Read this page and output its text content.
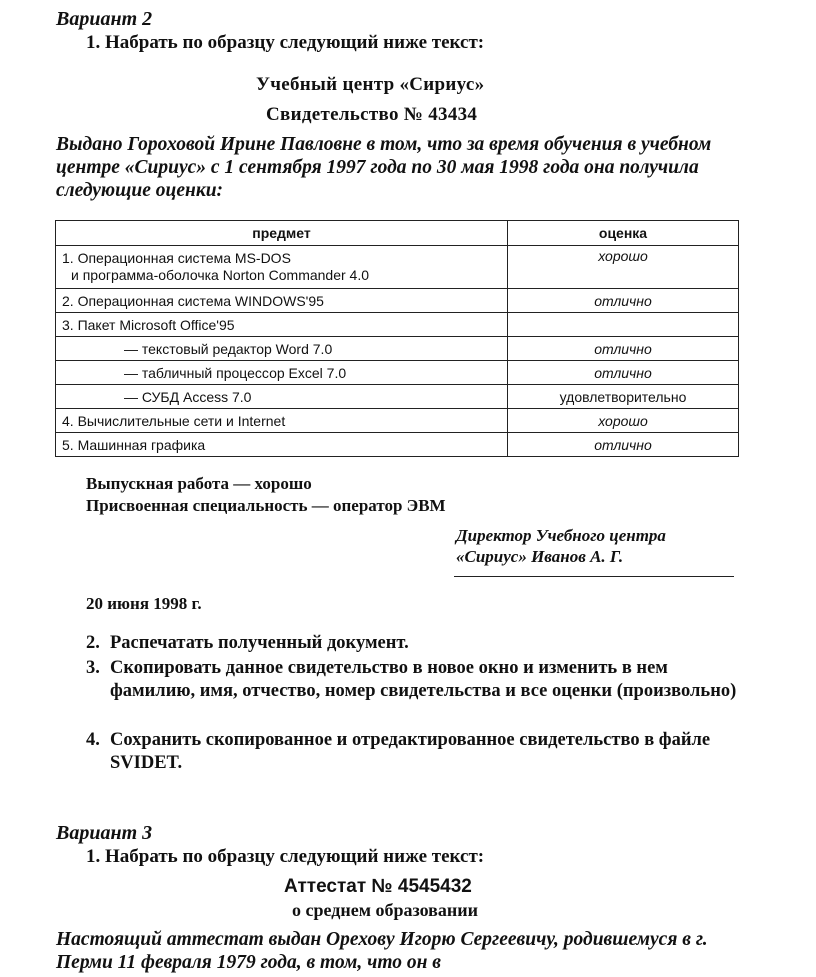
Вариант 2
1. Набрать по образцу следующий ниже текст:
Учебный центр «Сириус»
Свидетельство № 43434
Выдано Гороховой Ирине Павловне в том, что за время обучения в учебном центре «Сириус» с 1 сентября 1997 года по 30 мая 1998 года она получила следующие оценки:
предмет	оценка

1. Операционная система MS-DOS
и программа-оболочка Norton Commander 4.0	хорошо
2. Операционная система WINDOWS'95	отлично
3. Пакет Microsoft Office'95	
— текстовый редактор Word 7.0	отлично
— табличный процессор Excel 7.0	отлично
— СУБД Access 7.0	удовлетворительно
4. Вычислительные сети и Internet	хорошо
5. Машинная графика	отлично
Выпускная работа — хорошо
Присвоенная специальность — оператор ЭВМ
Директор Учебного центра
«Сириус» Иванов А. Г.
20 июня 1998 г.
2. Распечатать полученный документ.
3. Скопировать данное свидетельство в новое окно и изменить в нем фамилию, имя, отчество, номер свидетельства и все оценки (произвольно)
4. Сохранить скопированное и отредактированное свидетельство в файле SVIDET.
Вариант 3
1. Набрать по образцу следующий ниже текст:
Аттестат № 4545432
о среднем образовании
Настоящий аттестат выдан Орехову Игорю Сергеевичу, родившемуся в г. Перми 11 февраля 1979 года, в том, что он в
